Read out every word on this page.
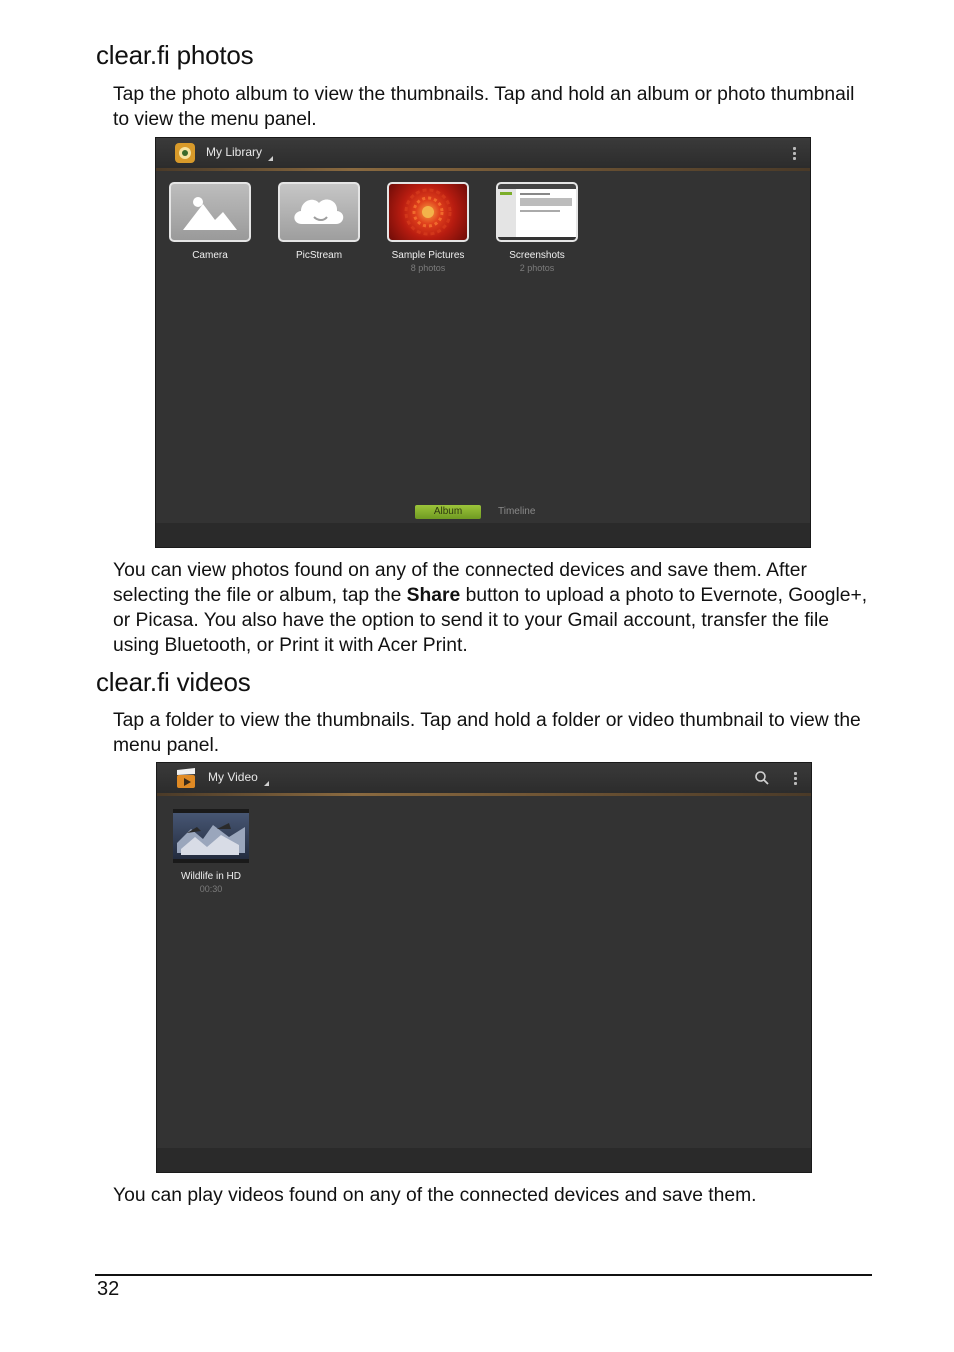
clear.fi photos

Tap the photo album to view the thumbnails. Tap and hold an album or photo thumbnail to view the menu panel.

My Library
Camera	PicStream	Sample Pictures
8 photos
Screenshots
2 photos
Album	Timeline

You can view photos found on any of the connected devices and save them. After selecting the file or album, tap the Share button to upload a photo to Evernote, Google+, or Picasa. You also have the option to send it to your Gmail account, transfer the file using Bluetooth, or Print it with Acer Print.

clear.fi videos

Tap a folder to view the thumbnails. Tap and hold a folder or video thumbnail to view the menu panel.

My Video
Wildlife in HD
00:30

You can play videos found on any of the connected devices and save them.

32
